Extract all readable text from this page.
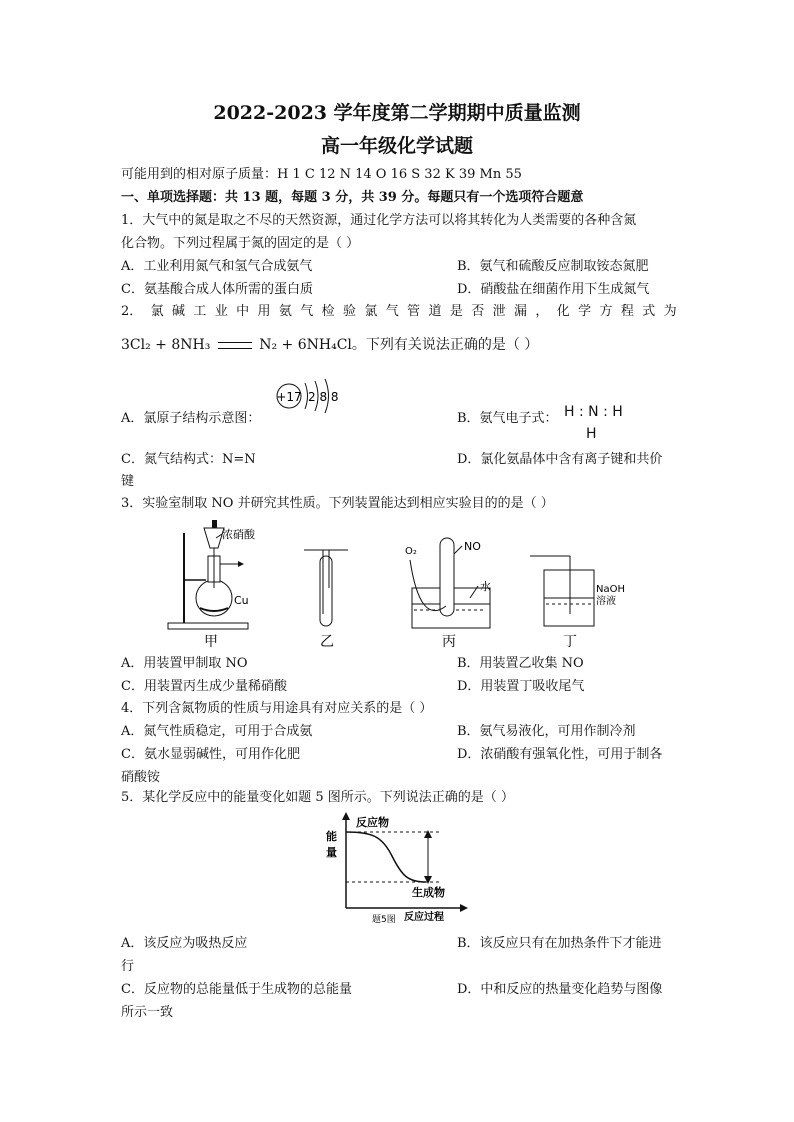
2022-2023 学年度第二学期期中质量监测
高一年级化学试题
可能用到的相对原子质量：H 1 C 12 N 14 O 16 S 32 K 39 Mn 55
一、单项选择题：共 13 题，每题 3 分，共 39 分。每题只有一个选项符合题意
1．大气中的氮是取之不尽的天然资源，通过化学方法可以将其转化为人类需要的各种含氮
化合物。下列过程属于氮的固定的是（ ）
A．工业利用氮气和氢气合成氨气	B．氨气和硫酸反应制取铵态氮肥
C．氨基酸合成人体所需的蛋白质	D．硝酸盐在细菌作用下生成氮气
2． 氯 碱 工 业 中 用 氨 气 检 验 氯 气 管 道 是 否 泄 漏 ， 化 学 方 程 式 为
3Cl₂ + 8NH₃	N₂ + 6NH₄Cl。下列有关说法正确的是（ ）
A．氯原子结构示意图：
+17 2 8 8
B．氨气电子式： H : N : H
H
C．氮气结构式：N=N	D．氯化氨晶体中含有离子键和共价
键
3．实验室制取 NO 并研究其性质。下列装置能达到相应实验目的的是（ ）
浓硝酸
Cu
甲	乙
O₂	NO
水
丙
NaOH
溶液
丁
A．用装置甲制取 NO	B．用装置乙收集 NO
C．用装置丙生成少量稀硝酸	D．用装置丁吸收尾气
4．下列含氮物质的性质与用途具有对应关系的是（ ）
A．氮气性质稳定，可用于合成氨	B．氨气易液化，可用作制冷剂
C．氨水显弱碱性，可用作化肥	D．浓硝酸有强氧化性，可用于制各
硝酸铵
5．某化学反应中的能量变化如题 5 图所示。下列说法正确的是（ ）
反应物
能
量
生成物
反应过程
题5图
A．该反应为吸热反应	B．该反应只有在加热条件下才能进
行
C．反应物的总能量低于生成物的总能量	D．中和反应的热量变化趋势与图像
所示一致
